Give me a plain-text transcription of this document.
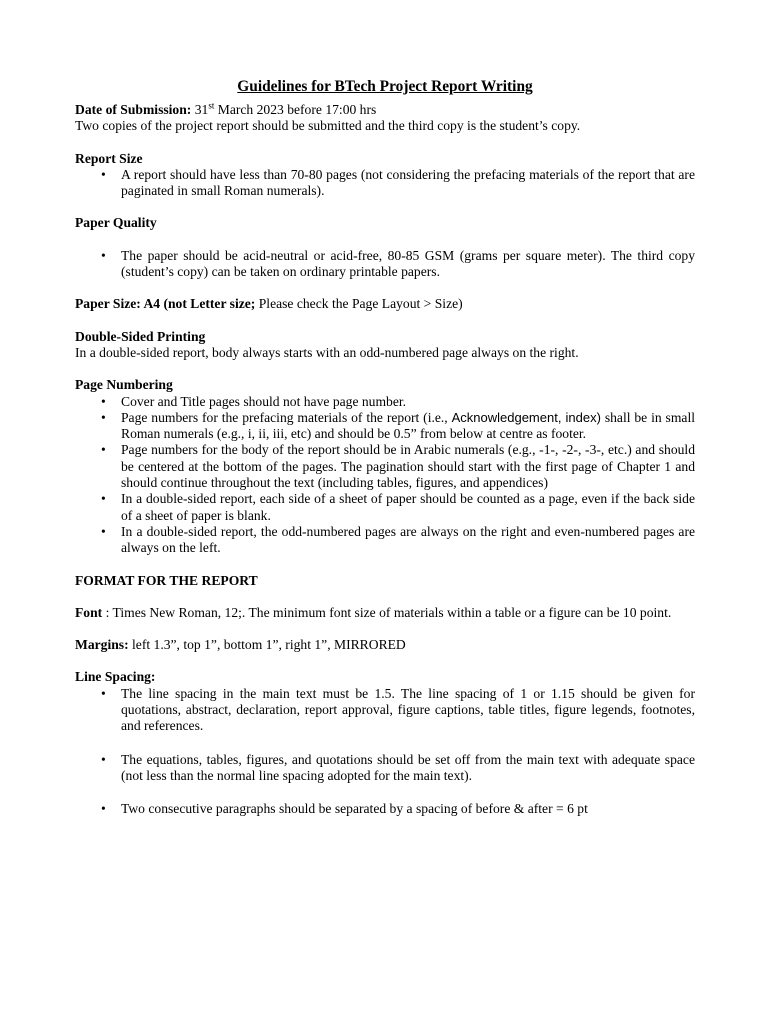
Guidelines for BTech Project Report Writing

Date of Submission: 31st March 2023 before 17:00 hrs

Two copies of the project report should be submitted and the third copy is the student’s copy.

Report Size

• A report should have less than 70-80 pages (not considering the prefacing materials of the report that are paginated in small Roman numerals).

Paper Quality

• The paper should be acid-neutral or acid-free, 80-85 GSM (grams per square meter). The third copy (student’s copy) can be taken on ordinary printable papers.

Paper Size: A4 (not Letter size; Please check the Page Layout > Size)

Double-Sided Printing

In a double-sided report, body always starts with an odd-numbered page always on the right.

Page Numbering

• Cover and Title pages should not have page number.
• Page numbers for the prefacing materials of the report (i.e., Acknowledgement, index) shall be in small Roman numerals (e.g., i, ii, iii, etc) and should be 0.5” from below at centre as footer.
• Page numbers for the body of the report should be in Arabic numerals (e.g., -1-, -2-, -3-, etc.) and should be centered at the bottom of the pages. The pagination should start with the first page of Chapter 1 and should continue throughout the text (including tables, figures, and appendices)
• In a double-sided report, each side of a sheet of paper should be counted as a page, even if the back side of a sheet of paper is blank.
• In a double-sided report, the odd-numbered pages are always on the right and even-numbered pages are always on the left.

FORMAT FOR THE REPORT

Font : Times New Roman, 12;. The minimum font size of materials within a table or a figure can be 10 point.

Margins: left 1.3”, top 1”, bottom 1”, right 1”, MIRRORED

Line Spacing:

• The line spacing in the main text must be 1.5. The line spacing of 1 or 1.15 should be given for quotations, abstract, declaration, report approval, figure captions, table titles, figure legends, footnotes, and references.
• The equations, tables, figures, and quotations should be set off from the main text with adequate space (not less than the normal line spacing adopted for the main text).
• Two consecutive paragraphs should be separated by a spacing of before & after = 6 pt
